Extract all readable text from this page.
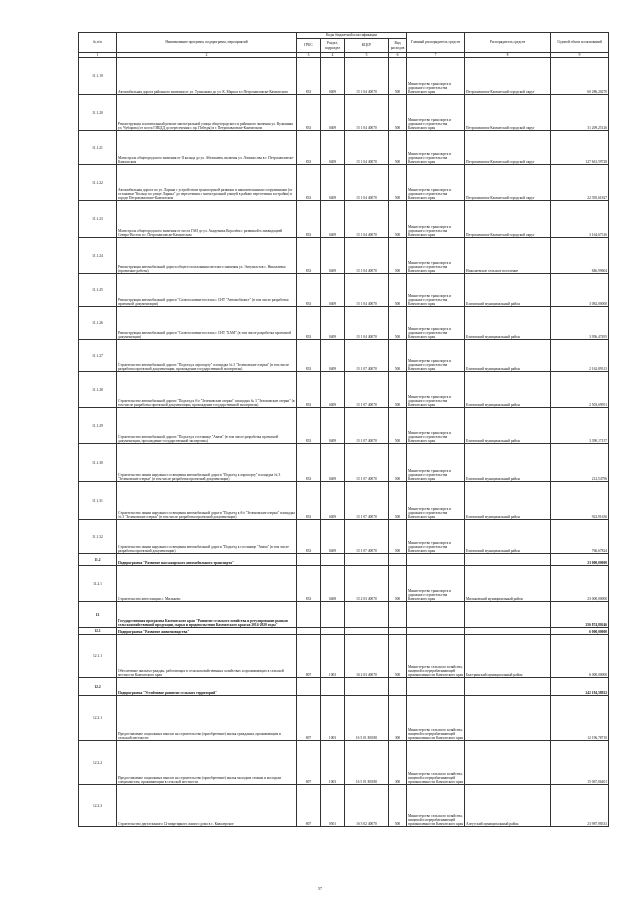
№ п/п	Наименование программ, подпрограмм, мероприятий	Коды бюджетной классификации				Главный распорядитель средств	Распорядитель средств	Годовой объем ассигнований
		ГРБС	Раздел, подраздел	КЦСР	Вид расходов			
1	2	3	4	5	6	7	8	9
11.1.19	Автомобильная дорога районного значения от ул. Тушканова до ул. К. Маркса в г.Петропавловске-Камчатском	833	0409	15 1 04 40070	500	Министерство транспорта и дорожного строительства Камчатского края	Петропавловск-Камчатский городской округ	60 286,20270
11.1.20	Реконструкция и капитальный ремонт магистральной улицы общегородского и районного значения ул. Вулканная ул. Чубарова (от поста ГИБДД до пересечения с пр. Победы) в г. Петропавловске-Камчатском	833	0409	15 1 04 40070	500	Министерство транспорта и дорожного строительства Камчатского края	Петропавловск-Камчатский городской округ	31 209,25126
11.1.21	Магистраль общегородского значения от II кольца до ул. Абеляшева, включая ул. Ломоносова в г. Петропавловске-Камчатском	833	0409	15 1 04 40070	500	Министерство транспорта и дорожного строительства Камчатского края	Петропавловск-Камчатский городской округ	127 661,59728
11.1.22	Автомобильная дорога по ул. Ларина с устройством транспортной развязки и накопительными сооружениями (от остановки "Кольцо по улице Ларина" до пересечения с магистральной улицей в районе пересечения застройки) в городе Петропавловске-Камчатском	833	0409	15 1 04 40070	500	Министерство транспорта и дорожного строительства Камчатского края	Петропавловск-Камчатский городской округ	22 395,61827
11.1.23	Магистраль общегородского значения от поста ГАИ до ул. Академика Королёва с развязкой и ликвидацией Северо-Восток в г. Петропавловске-Камчатском	833	0409	15 1 04 40070	500	Министерство транспорта и дорожного строительства Камчатского края	Петропавловск-Камчатский городской округ	3 164,67316
11.1.24	Реконструкция автомобильной дороги общего пользования местного значения ул. Энтузиастов с. Николаевка (проектные работы)	833	0409	15 1 04 40070	500	Министерство транспорта и дорожного строительства Камчатского края	Николаевское сельское поселение	846,99604
11.1.25	Реконструкция автомобильной дороги "Салюта имени-поселка с СНТ "Автомобилист" (в том числе разработка проектной документации)	833	0409	15 1 04 40070	500	Министерство транспорта и дорожного строительства Камчатского края	Елизовский муниципальный район	3 082,00000
11.1.26	Реконструкция автомобильной дороги "Салюта имени-поселка с СНТ "БАМ" (в том числе разработка проектной документации)	833	0409	15 1 04 40070	500	Министерство транспорта и дорожного строительства Камчатского края	Елизовский муниципальный район	3 956,47495
11.1.27	Строительство автомобильной дороги "Подъезд к аэропорту" площадка № 3 "Зеленовские озерки" (в том числе разработка проектной документации, прохождение государственной экспертизы)	833	0409	15 1 07 40070	500	Министерство транспорта и дорожного строительства Камчатского края	Елизовский муниципальный район	2 162,89313
11.1.28	Строительство автомобильной дороги "Подъезд к б/о "Зеленовские озерки" площадка № 3 "Зеленовские озерки" (в том числе разработка проектной документации, прохождение государственной экспертизы)	833	0409	15 1 07 40070	500	Министерство транспорта и дорожного строительства Камчатского края	Елизовский муниципальный район	2 503,69951
11.1.29	Строительство автомобильной дороги "Подъезд к гостинице "Авача" (в том числе разработка проектной документации, прохождение государственной экспертизы)	833	0409	15 1 07 40070	500	Министерство транспорта и дорожного строительства Камчатского края	Елизовский муниципальный район	3 390,17157
11.1.30	Строительство линии наружного освещения автомобильной дороги "Подъезд к аэропорту" площадка № 3 "Зеленовские озерки" (в том числе разработка проектной документации)	833	0409	15 1 07 40070	500	Министерство транспорта и дорожного строительства Камчатского края	Елизовский муниципальный район	212,54796
11.1.31	Строительство линии наружного освещения автомобильной дороги "Подъезд к б/о "Зеленовские озерки" площадка № 3 "Зеленовские озерки" (в том числе разработка проектной документации)	833	0409	15 1 07 40070	500	Министерство транспорта и дорожного строительства Камчатского края	Елизовский муниципальный район	923,91636
11.1.32	Строительство линии наружного освещения автомобильной дороги "Подъезд к гостинице "Авача" (в том числе разработка проектной документации)	833	0409	15 1 07 40070	500	Министерство транспорта и дорожного строительства Камчатского края	Елизовский муниципальный район	766,67824
11.2	Подпрограмма "Развитие пассажирского автомобильного транспорта"							23 000,00000
11.2.1	Строительство автостанции с. Мильково	833	0408	15 2 03 40070	500	Министерство транспорта и дорожного строительства Камчатского края	Мильковский муниципальный район	23 000,00000
12	Государственная программа Камчатского края "Развитие сельского хозяйства и регулирование рынков сельскохозяйственной продукции, сырья и продовольствия Камчатского края на 2014-2020 годы"							256 874,80246
12.1	Подпрограмма "Развитие животноводства"							6 000,00000
12.1.1	Обеспечение жильем граждан, работающих в сельскохозяйственных хозяйствах и проживающих в сельской местности Камчатского края	807	1003	16 2 03 40070	500	Министерство сельского хозяйства, пищевой и перерабатывающей промышленности Камчатского края	Быстринский муниципальный район	6 000,00000
12.2	Подпрограмма "Устойчивое развитие сельских территорий"							242 194,58922
12.2.1	Предоставление социальных выплат на строительство (приобретение) жилья гражданам, проживающим в сельской местности	807	1003	16 5 01 R0180	300	Министерство сельского хозяйства, пищевой и перерабатывающей промышленности Камчатского края		12 196,78710
12.2.2	Предоставление социальных выплат на строительство (приобретение) жилья молодым семьям и молодым специалистам, проживающим в сельской местности	807	1003	16 5 01 R0180	300	Министерство сельского хозяйства, пищевой и перерабатывающей промышленности Камчатского края		15 067,06401
12.2.3	Строительство двухэтажного 12-квартирного жилого дома в с. Кавалерское	807	0501	16 5 02 40070	500	Министерство сельского хозяйства, пищевой и перерабатывающей промышленности Камчатского края	Алеутский муниципальный район	23 987,98333
57
